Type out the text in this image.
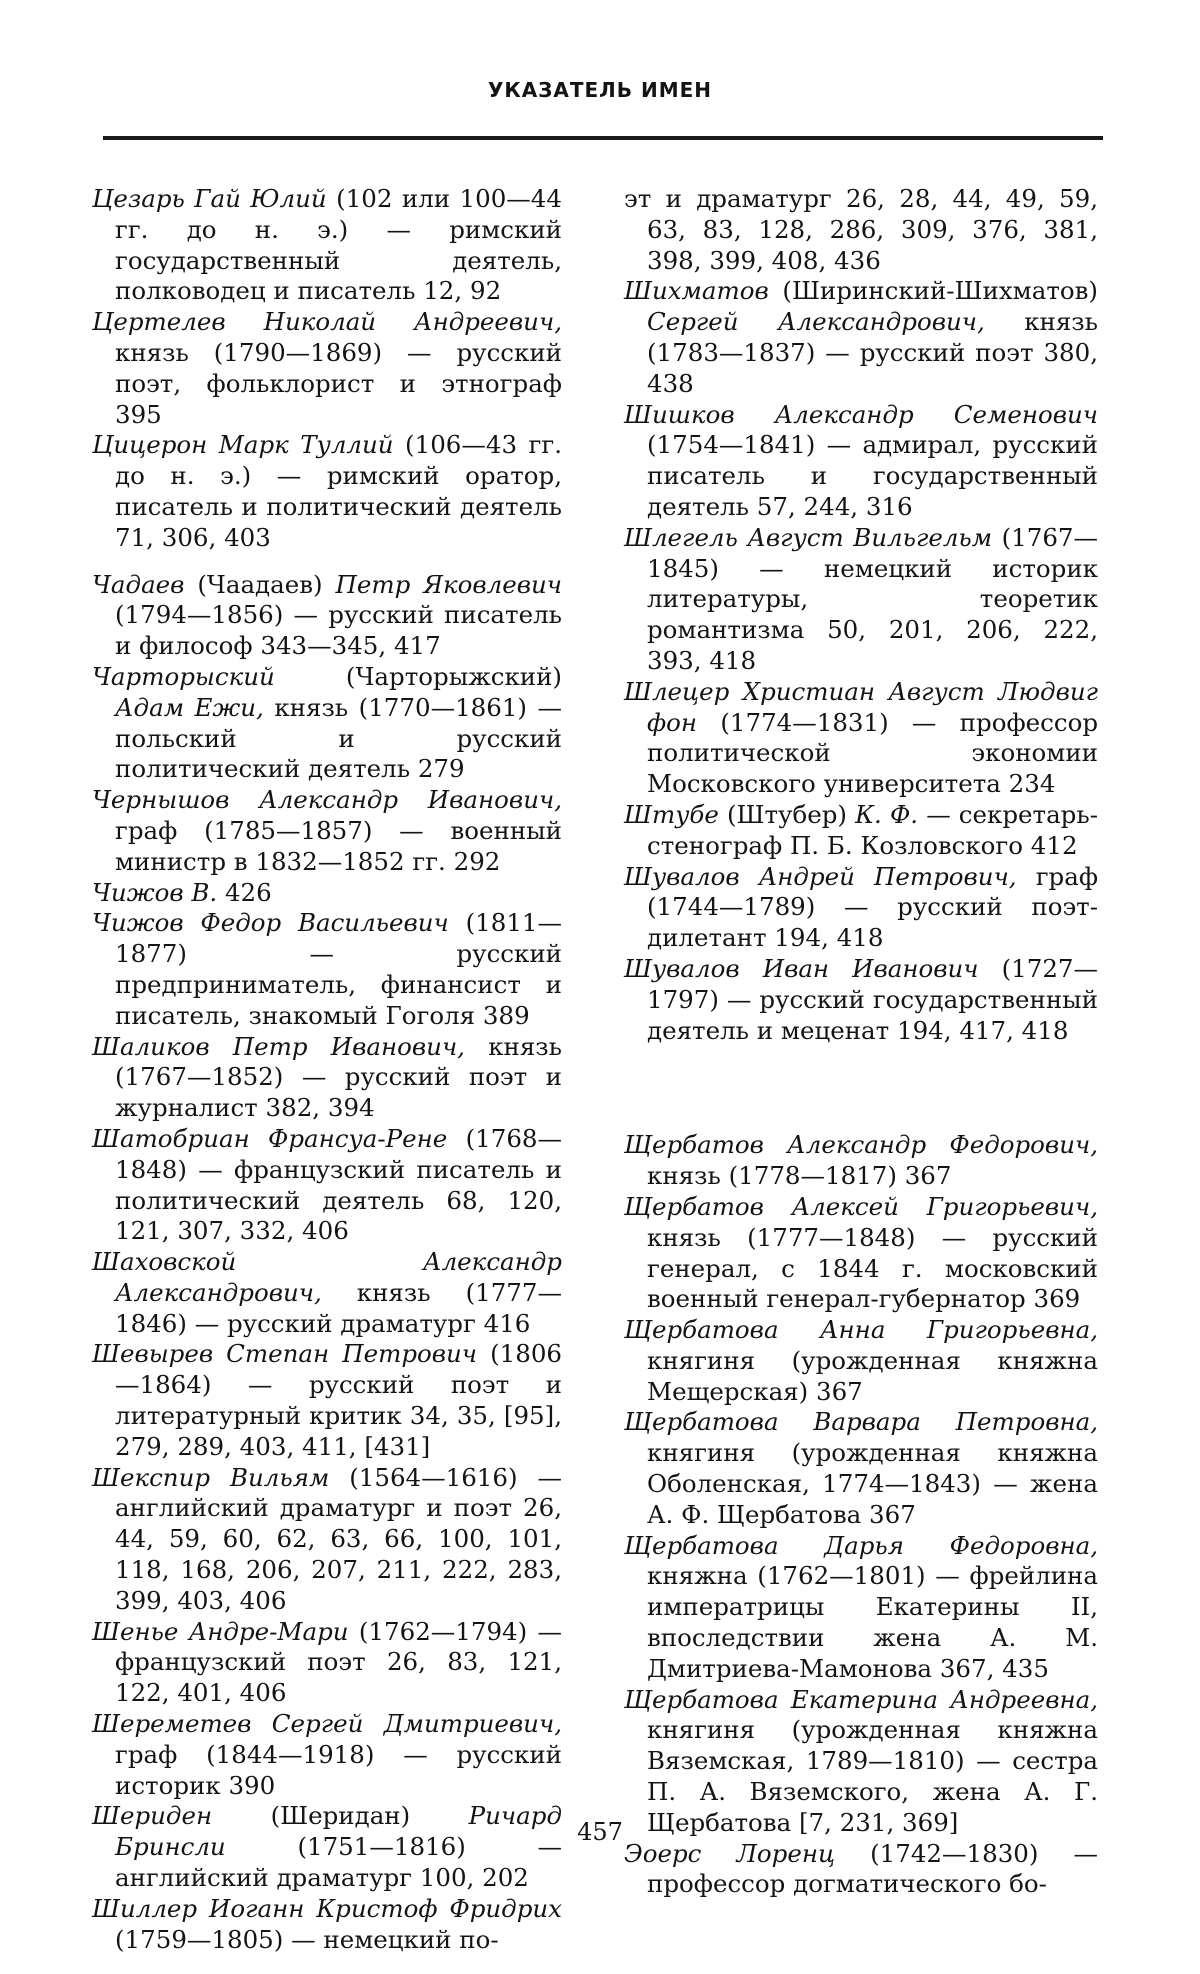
УКАЗАТЕЛЬ ИМЕН

Цезарь Гай Юлий (102 или 100—44 гг. до н. э.) — римский государственный деятель, полководец и писатель 12, 92

Цертелев Николай Андреевич, князь (1790—1869) — русский поэт, фольклорист и этнограф 395

Цицерон Марк Туллий (106—43 гг. до н. э.) — римский оратор, писатель и политический деятель 71, 306, 403

Чадаев (Чаадаев) Петр Яковлевич (1794—1856) — русский писатель и философ 343—345, 417

Чарторыский (Чарторыжский) Адам Ежи, князь (1770—1861) — польский и русский политический деятель 279

Чернышов Александр Иванович, граф (1785—1857) — военный министр в 1832—1852 гг. 292

Чижов В. 426

Чижов Федор Васильевич (1811—1877) — русский предприниматель, финансист и писатель, знакомый Гоголя 389

Шаликов Петр Иванович, князь (1767—1852) — русский поэт и журналист 382, 394

Шатобриан Франсуа-Рене (1768—1848) — французский писатель и политический деятель 68, 120, 121, 307, 332, 406

Шаховской Александр Александрович, князь (1777—1846) — русский драматург 416

Шевырев Степан Петрович (1806—1864) — русский поэт и литературный критик 34, 35, [95], 279, 289, 403, 411, [431]

Шекспир Вильям (1564—1616) — английский драматург и поэт 26, 44, 59, 60, 62, 63, 66, 100, 101, 118, 168, 206, 207, 211, 222, 283, 399, 403, 406

Шенье Андре-Мари (1762—1794) — французский поэт 26, 83, 121, 122, 401, 406

Шереметев Сергей Дмитриевич, граф (1844—1918) — русский историк 390

Шериден (Шеридан) Ричард Бринсли (1751—1816) — английский драматург 100, 202

Шиллер Иоганн Кристоф Фридрих (1759—1805) — немецкий по-

эт и драматург 26, 28, 44, 49, 59, 63, 83, 128, 286, 309, 376, 381, 398, 399, 408, 436

Шихматов (Ширинский-Шихматов) Сергей Александрович, князь (1783—1837) — русский поэт 380, 438

Шишков Александр Семенович (1754—1841) — адмирал, русский писатель и государственный деятель 57, 244, 316

Шлегель Август Вильгельм (1767—1845) — немецкий историк литературы, теоретик романтизма 50, 201, 206, 222, 393, 418

Шлецер Христиан Август Людвиг фон (1774—1831) — профессор политической экономии Московского университета 234

Штубе (Штубер) К. Ф. — секретарь-стенограф П. Б. Козловского 412

Шувалов Андрей Петрович, граф (1744—1789) — русский поэт-дилетант 194, 418

Шувалов Иван Иванович (1727—1797) — русский государственный деятель и меценат 194, 417, 418

Щербатов Александр Федорович, князь (1778—1817) 367

Щербатов Алексей Григорьевич, князь (1777—1848) — русский генерал, с 1844 г. московский военный генерал-губернатор 369

Щербатова Анна Григорьевна, княгиня (урожденная княжна Мещерская) 367

Щербатова Варвара Петровна, княгиня (урожденная княжна Оболенская, 1774—1843) — жена А. Ф. Щербатова 367

Щербатова Дарья Федоровна, княжна (1762—1801) — фрейлина императрицы Екатерины II, впоследствии жена А. М. Дмитриева-Мамонова 367, 435

Щербатова Екатерина Андреевна, княгиня (урожденная княжна Вяземская, 1789—1810) — сестра П. А. Вяземского, жена А. Г. Щербатова [7, 231, 369]

Эоерс Лоренц (1742—1830) — профессор догматического бо-

457
